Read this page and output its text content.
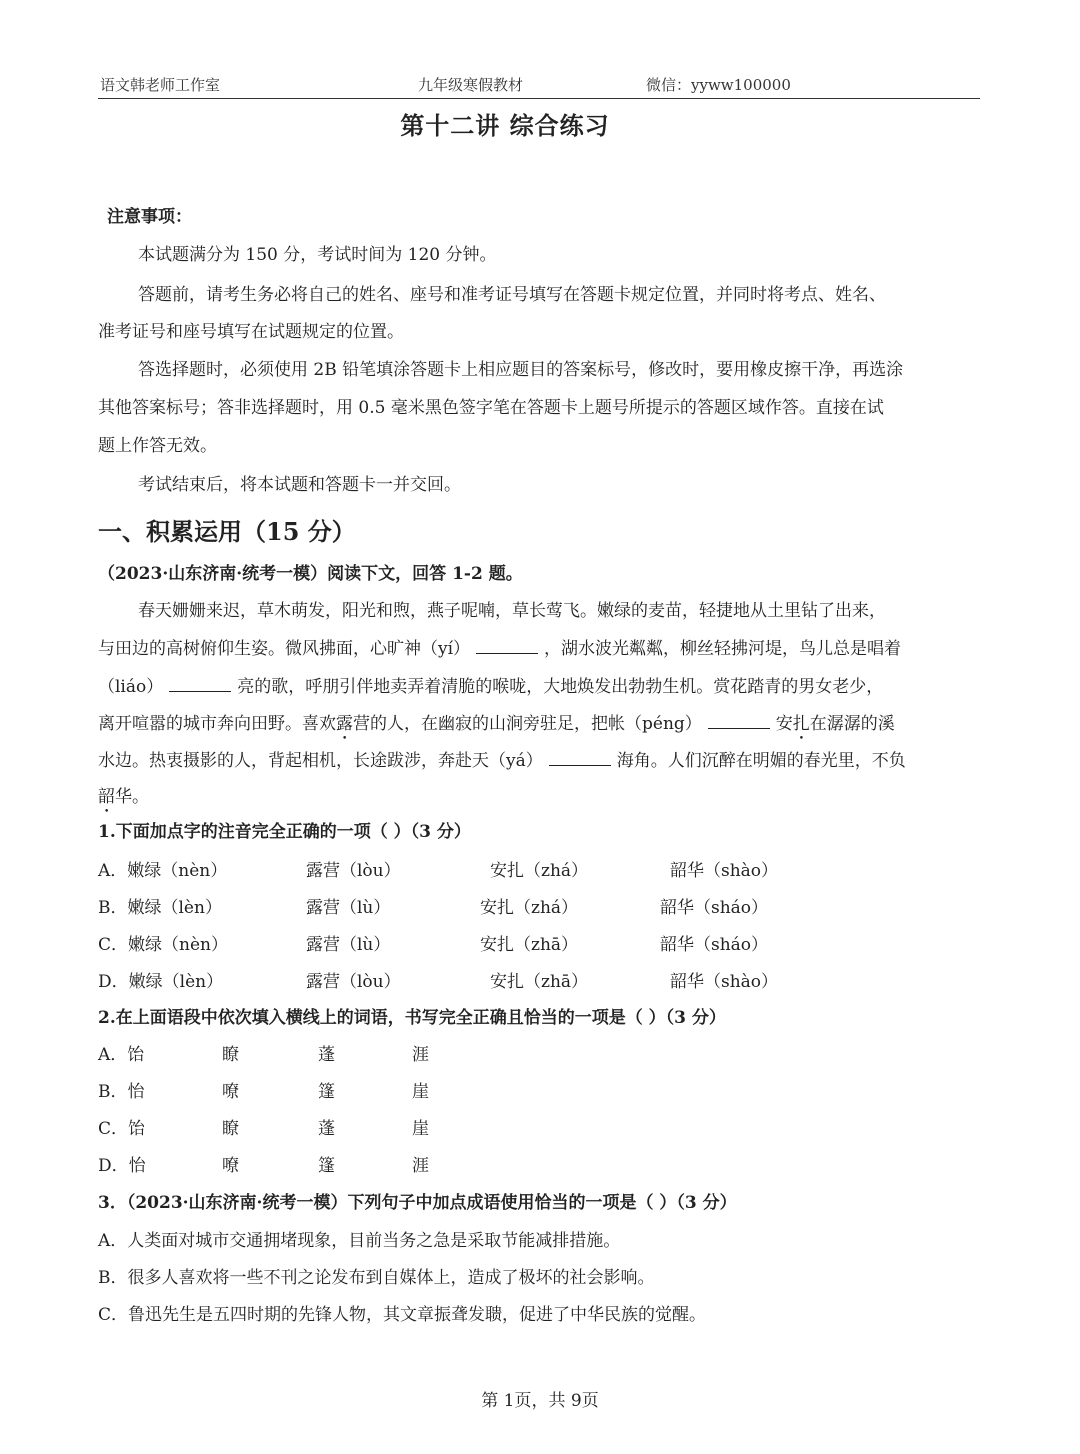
语文韩老师工作室	九年级寒假教材	微信：yyww100000
第十二讲 综合练习
注意事项：
本试题满分为 150 分，考试时间为 120 分钟。
答题前，请考生务必将自己的姓名、座号和准考证号填写在答题卡规定位置，并同时将考点、姓名、
准考证号和座号填写在试题规定的位置。
答选择题时，必须使用 2B 铅笔填涂答题卡上相应题目的答案标号，修改时，要用橡皮擦干净，再选涂
其他答案标号；答非选择题时，用 0.5 毫米黑色签字笔在答题卡上题号所提示的答题区域作答。直接在试
题上作答无效。
考试结束后，将本试题和答题卡一并交回。
一、积累运用（15 分）
（2023·山东济南·统考一模）阅读下文，回答 1-2 题。
春天姗姗来迟，草木萌发，阳光和煦，燕子呢喃，草长莺飞。嫩绿的麦苗，轻捷地从土里钻了出来，
与田边的高树俯仰生姿。微风拂面，心旷神（yí）	，湖水波光粼粼，柳丝轻拂河堤，鸟儿总是唱着
（liáo）	亮的歌，呼朋引伴地卖弄着清脆的喉咙，大地焕发出勃勃生机。赏花踏青的男女老少，
离开喧嚣的城市奔向田野。喜欢露营的人，在幽寂的山涧旁驻足，把帐（péng）	安扎在潺潺的溪
水边。热衷摄影的人，背起相机，长途跋涉，奔赴天（yá）	海角。人们沉醉在明媚的春光里，不负
韶华。
1.下面加点字的注音完全正确的一项（ ）（3 分）
A．嫩绿（nèn）	露营（lòu）	安扎（zhá）	韶华（shào）
B．嫩绿（lèn）	露营（lù）	安扎（zhá）	韶华（sháo）
C．嫩绿（nèn）	露营（lù）	安扎（zhā）	韶华（sháo）
D．嫩绿（lèn）	露营（lòu）	安扎（zhā）	韶华（shào）
2.在上面语段中依次填入横线上的词语，书写完全正确且恰当的一项是（ ）（3 分）
A．饴	瞭	蓬	涯
B．怡	嘹	篷	崖
C．饴	瞭	蓬	崖
D．怡	嘹	篷	涯
3．（2023·山东济南·统考一模）下列句子中加点成语使用恰当的一项是（ ）（3 分）
A．人类面对城市交通拥堵现象，目前当务之急是采取节能减排措施。
B．很多人喜欢将一些不刊之论发布到自媒体上，造成了极坏的社会影响。
C．鲁迅先生是五四时期的先锋人物，其文章振聋发聩，促进了中华民族的觉醒。
第 1页，共 9页
